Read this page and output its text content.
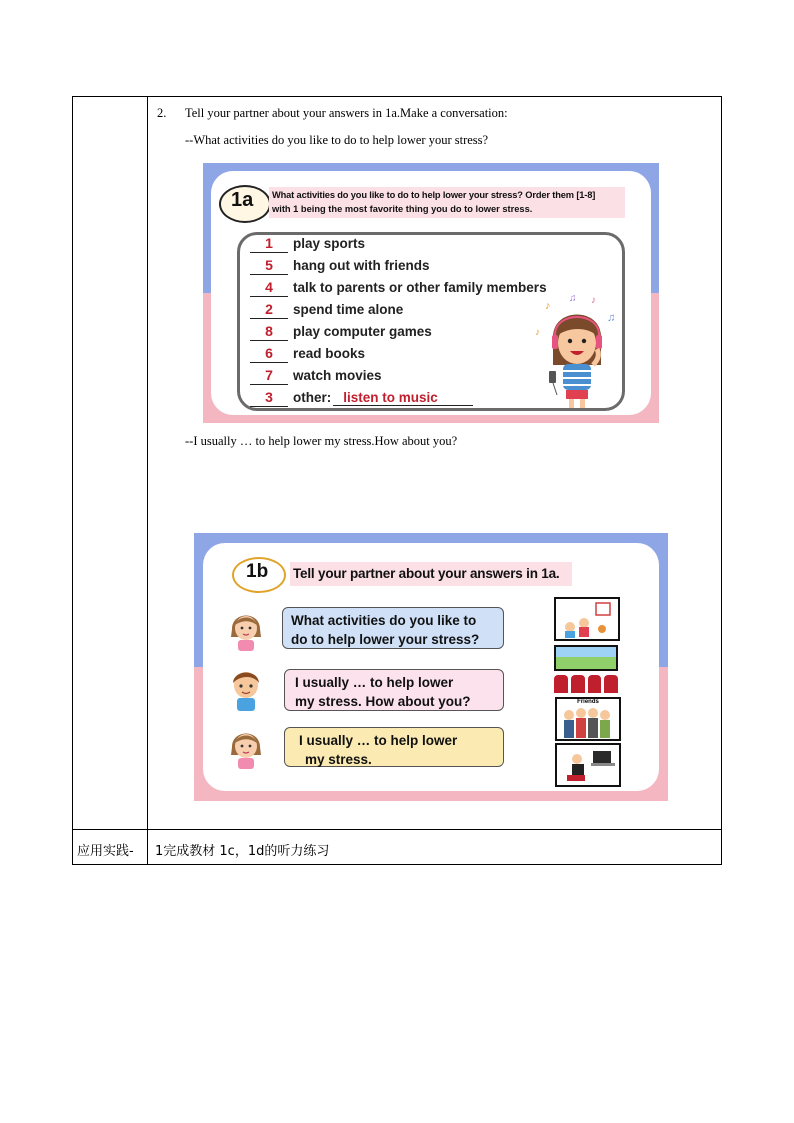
2. Tell your partner about your answers in 1a.Make a conversation:
--What activities do you like to do to help lower your stress?
1a What activities do you like to do to help lower your stress? Order them [1-8]
with 1 being the most favorite thing you do to lower stress.
1 play sports
5 hang out with friends
4 talk to parents or other family members
2 spend time alone
8 play computer games
6 read books
7 watch movies
3 other: listen to music
♪
♫ ♪
♫
♪
--I usually … to help lower my stress.How about you?
1b Tell your partner about your answers in 1a.
What activities do you like to
do to help lower your stress?
I usually … to help lower
my stress. How about you?
I usually … to help lower
my stress.
Friends
应用实践- 1完成教材 1c，1d的听力练习
